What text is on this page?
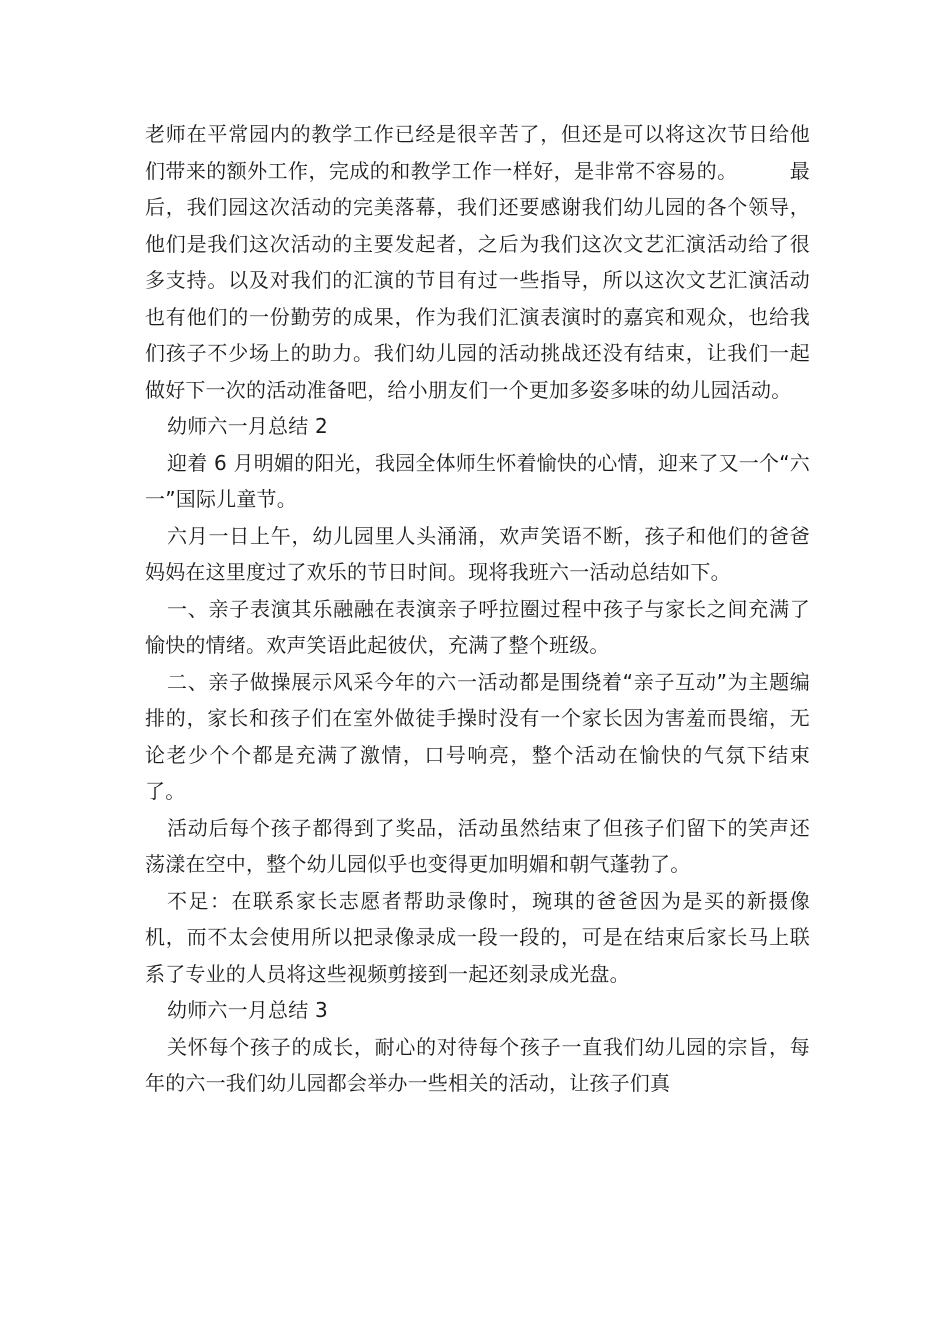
老师在平常园内的教学工作已经是很辛苦了，但还是可以将这次节日给他们带来的额外工作，完成的和教学工作一样好，是非常不容易的。	最后，我们园这次活动的完美落幕，我们还要感谢我们幼儿园的各个领导，他们是我们这次活动的主要发起者，之后为我们这次文艺汇演活动给了很多支持。以及对我们的汇演的节目有过一些指导，所以这次文艺汇演活动也有他们的一份勤劳的成果，作为我们汇演表演时的嘉宾和观众，也给我们孩子不少场上的助力。我们幼儿园的活动挑战还没有结束，让我们一起做好下一次的活动准备吧，给小朋友们一个更加多姿多味的幼儿园活动。

幼师六一月总结 2

迎着 6 月明媚的阳光，我园全体师生怀着愉快的心情，迎来了又一个“六一”国际儿童节。

六月一日上午，幼儿园里人头涌涌，欢声笑语不断，孩子和他们的爸爸妈妈在这里度过了欢乐的节日时间。现将我班六一活动总结如下。

一、亲子表演其乐融融在表演亲子呼拉圈过程中孩子与家长之间充满了愉快的情绪。欢声笑语此起彼伏，充满了整个班级。

二、亲子做操展示风采今年的六一活动都是围绕着“亲子互动”为主题编排的，家长和孩子们在室外做徒手操时没有一个家长因为害羞而畏缩，无论老少个个都是充满了激情，口号响亮，整个活动在愉快的气氛下结束了。

活动后每个孩子都得到了奖品，活动虽然结束了但孩子们留下的笑声还荡漾在空中，整个幼儿园似乎也变得更加明媚和朝气蓬勃了。

不足：在联系家长志愿者帮助录像时，琬琪的爸爸因为是买的新摄像机，而不太会使用所以把录像录成一段一段的，可是在结束后家长马上联系了专业的人员将这些视频剪接到一起还刻录成光盘。

幼师六一月总结 3

关怀每个孩子的成长，耐心的对待每个孩子一直我们幼儿园的宗旨，每年的六一我们幼儿园都会举办一些相关的活动，让孩子们真
